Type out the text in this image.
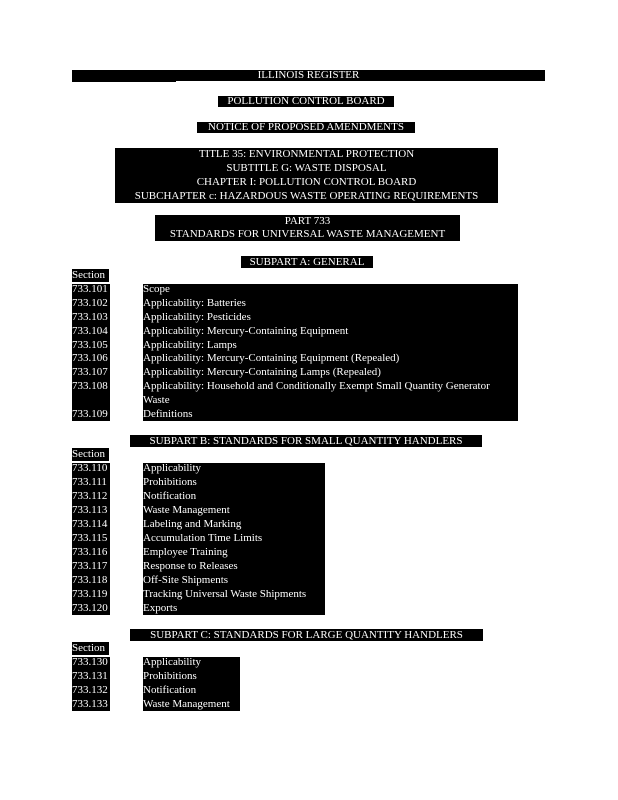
ILLINOIS REGISTER
POLLUTION CONTROL BOARD
NOTICE OF PROPOSED AMENDMENTS
TITLE 35: ENVIRONMENTAL PROTECTION
SUBTITLE G: WASTE DISPOSAL
CHAPTER I: POLLUTION CONTROL BOARD
SUBCHAPTER c: HAZARDOUS WASTE OPERATING REQUIREMENTS
PART 733
STANDARDS FOR UNIVERSAL WASTE MANAGEMENT
SUBPART A: GENERAL
Section
733.101	Scope
733.102	Applicability: Batteries
733.103	Applicability: Pesticides
733.104	Applicability: Mercury-Containing Equipment
733.105	Applicability: Lamps
733.106	Applicability: Mercury-Containing Equipment (Repealed)
733.107	Applicability: Mercury-Containing Lamps (Repealed)
733.108	Applicability: Household and Conditionally Exempt Small Quantity Generator
Waste
733.109	Definitions
SUBPART B: STANDARDS FOR SMALL QUANTITY HANDLERS
Section
733.110	Applicability
733.111	Prohibitions
733.112	Notification
733.113	Waste Management
733.114	Labeling and Marking
733.115	Accumulation Time Limits
733.116	Employee Training
733.117	Response to Releases
733.118	Off-Site Shipments
733.119	Tracking Universal Waste Shipments
733.120	Exports
SUBPART C: STANDARDS FOR LARGE QUANTITY HANDLERS
Section
733.130	Applicability
733.131	Prohibitions
733.132	Notification
733.133	Waste Management
